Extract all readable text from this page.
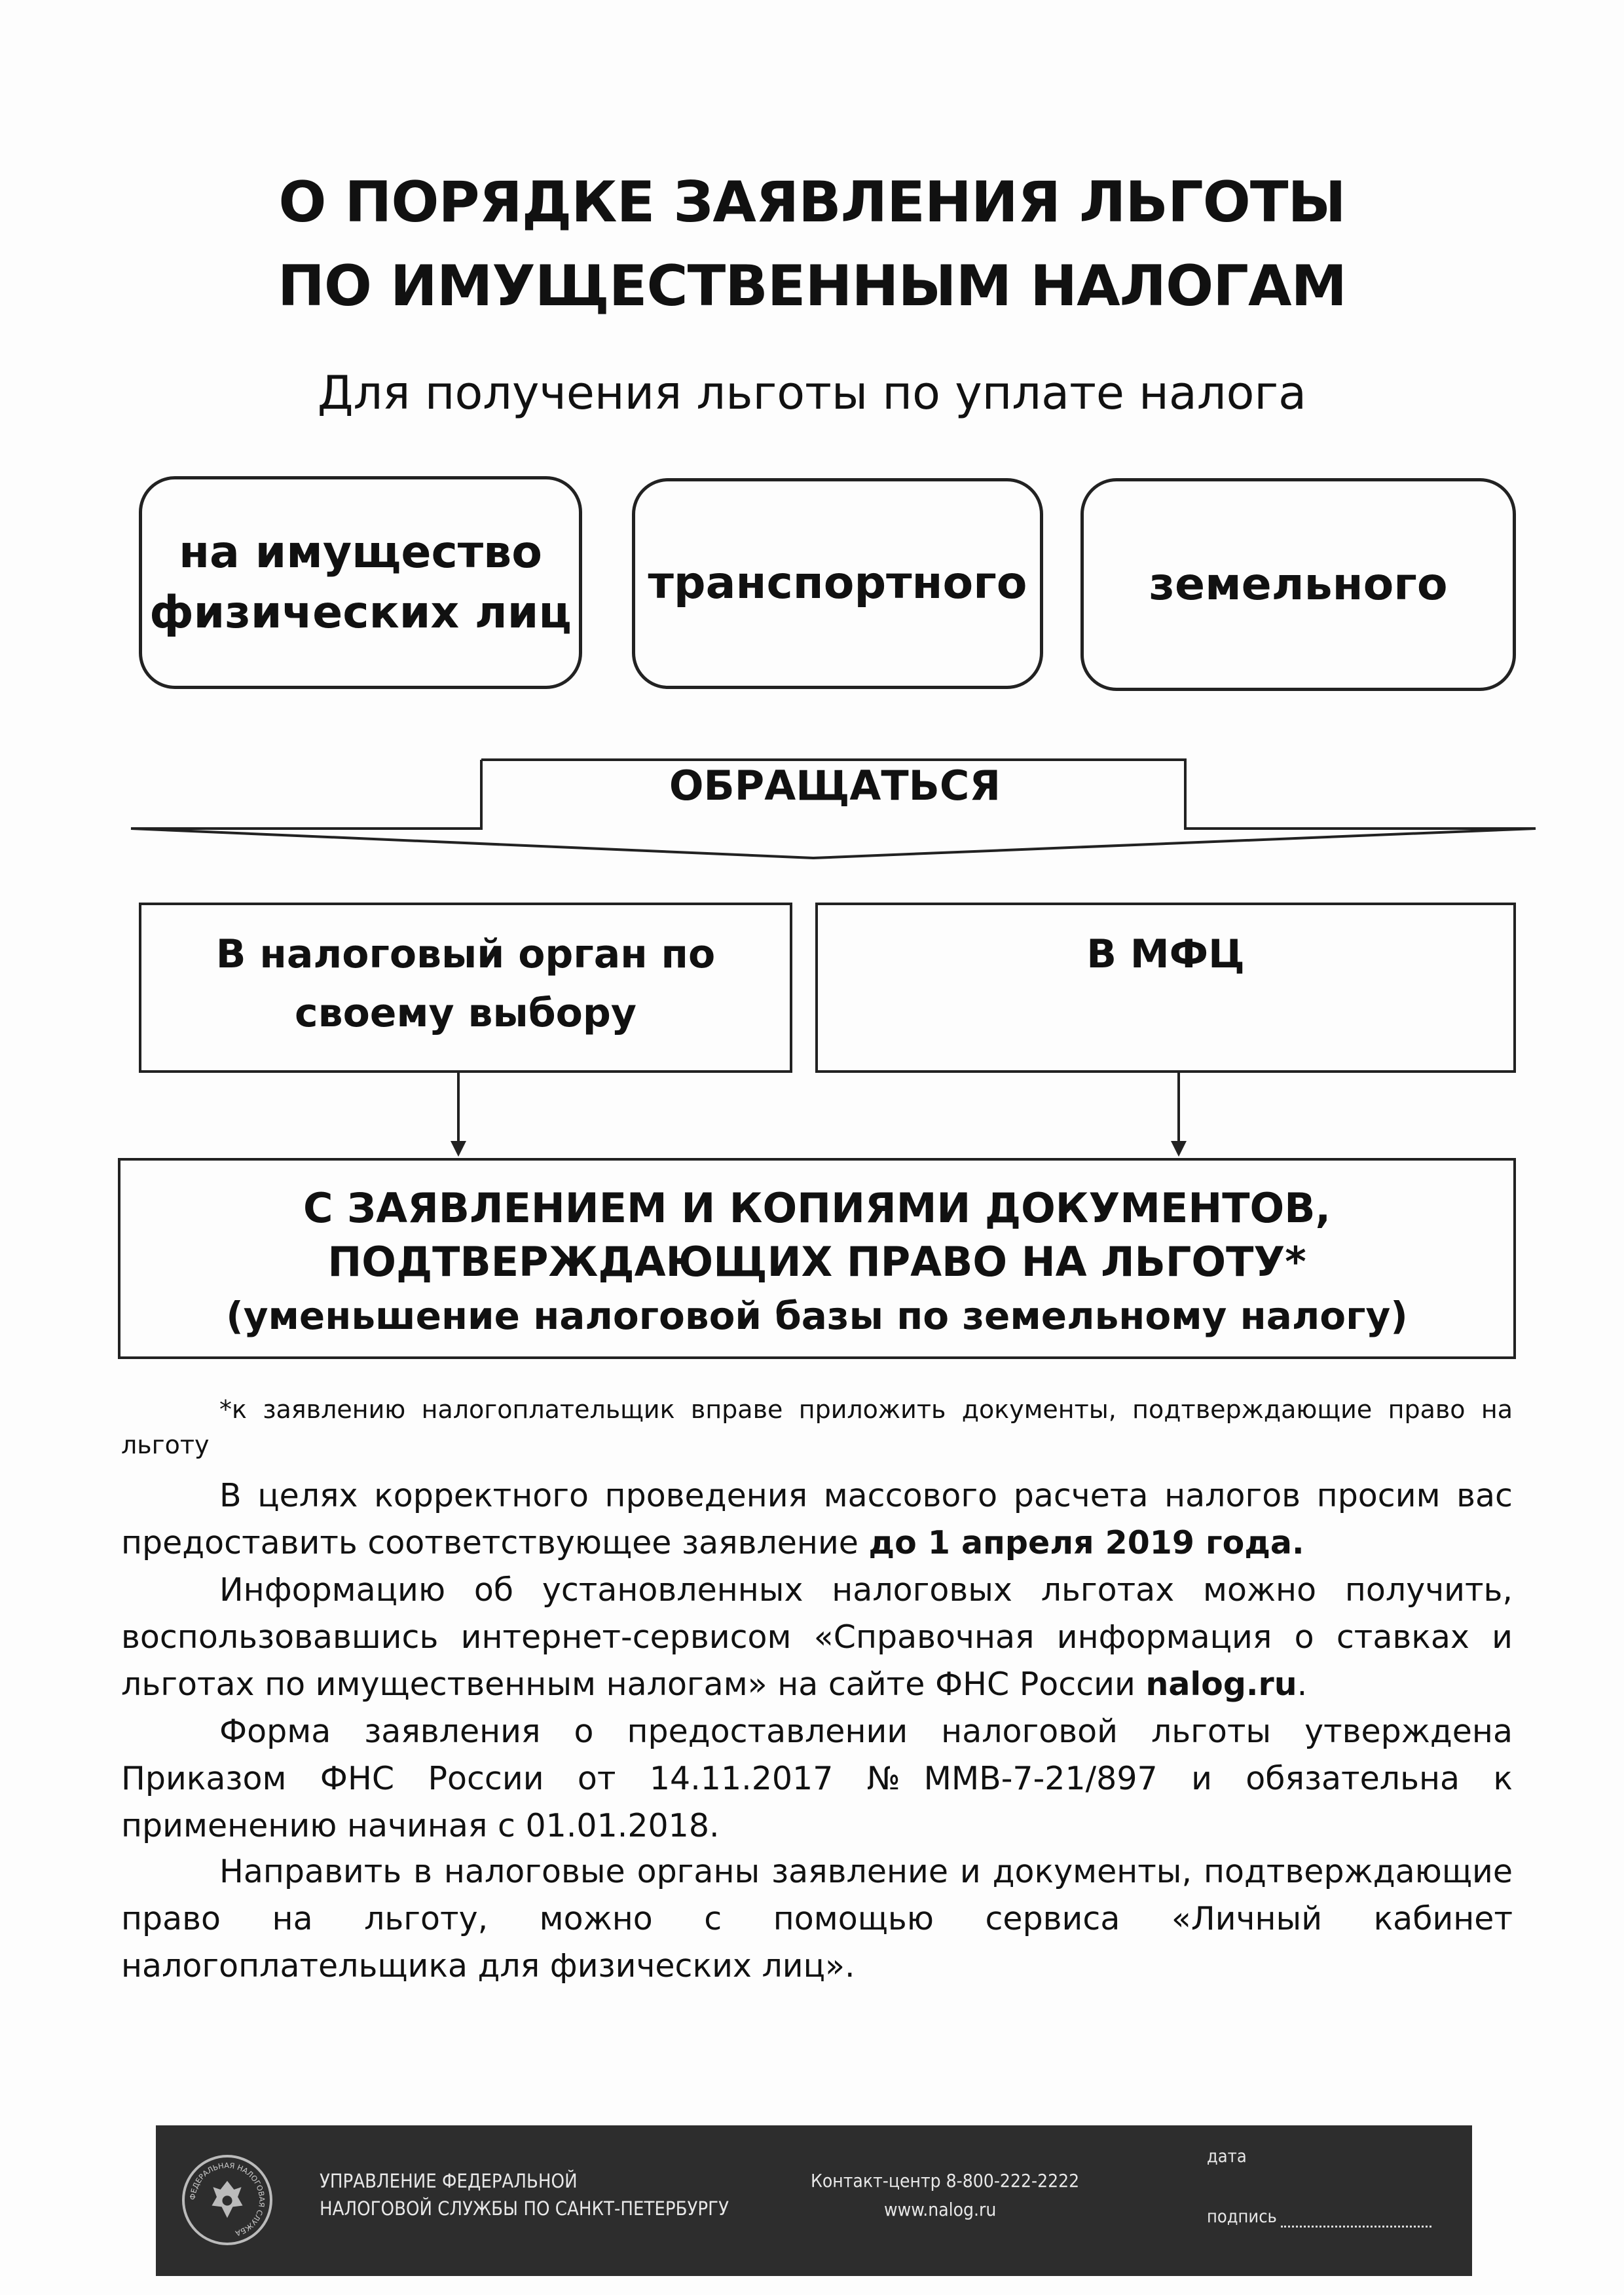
О ПОРЯДКЕ ЗАЯВЛЕНИЯ ЛЬГОТЫ
ПО ИМУЩЕСТВЕННЫМ НАЛОГАМ
Для получения льготы по уплате налога
на имущество
физических лиц
транспортного	земельного
ОБРАЩАТЬСЯ
В налоговый орган по
своему выбору
В МФЦ
С ЗАЯВЛЕНИЕМ И КОПИЯМИ ДОКУМЕНТОВ,
ПОДТВЕРЖДАЮЩИХ ПРАВО НА ЛЬГОТУ*
(уменьшение налоговой базы по земельному налогу)
*к заявлению налогоплательщик вправе приложить документы, подтверждающие право на льготу
В целях корректного проведения массового расчета налогов просим вас предоставить соответствующее заявление до 1 апреля 2019 года.
Информацию об установленных налоговых льготах можно получить, воспользовавшись интернет-сервисом «Справочная информация о ставках и льготах по имущественным налогам» на сайте ФНС России nalog.ru.
Форма заявления о предоставлении налоговой льготы утверждена Приказом ФНС России от 14.11.2017 №ММВ-7-21/897 и обязательна к применению начиная с 01.01.2018.
Направить в налоговые органы заявление и документы, подтверждающие право на льготу, можно с помощью сервиса «Личный кабинет налогоплательщика для физических лиц».
ФЕДЕРАЛЬНАЯ НАЛОГОВАЯ СЛУЖБА
УПРАВЛЕНИЕ ФЕДЕРАЛЬНОЙ
НАЛОГОВОЙ СЛУЖБЫ ПО САНКТ-ПЕТЕРБУРГУ
Контакт-центр 8-800-222-2222
www.nalog.ru
дата
подпись
